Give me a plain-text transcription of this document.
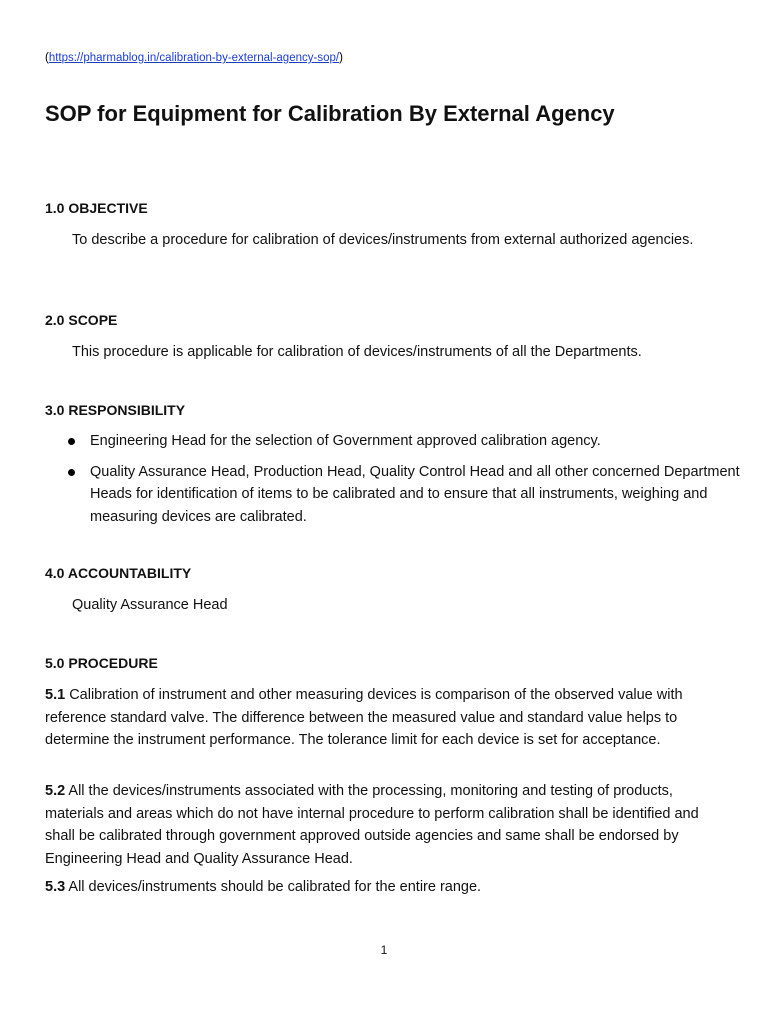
(https://pharmablog.in/calibration-by-external-agency-sop/)
SOP for Equipment for Calibration By External Agency
1.0 OBJECTIVE

To describe a procedure for calibration of devices/instruments from external authorized agencies.

2.0 SCOPE

This procedure is applicable for calibration of devices/instruments of all the Departments.

3.0 RESPONSIBILITY
Engineering Head for the selection of Government approved calibration agency.
Quality Assurance Head, Production Head, Quality Control Head and all other concerned Department Heads for identification of items to be calibrated and to ensure that all instruments, weighing and measuring devices are calibrated.
4.0 ACCOUNTABILITY

Quality Assurance Head

5.0 PROCEDURE

5.1 Calibration of instrument and other measuring devices is comparison of the observed value with reference standard valve. The difference between the measured value and standard value helps to determine the instrument performance. The tolerance limit for each device is set for acceptance.

5.2 All the devices/instruments associated with the processing, monitoring and testing of products, materials and areas which do not have internal procedure to perform calibration shall be identified and shall be calibrated through government approved outside agencies and same shall be endorsed by Engineering Head and Quality Assurance Head.

5.3 All devices/instruments should be calibrated for the entire range.

1
